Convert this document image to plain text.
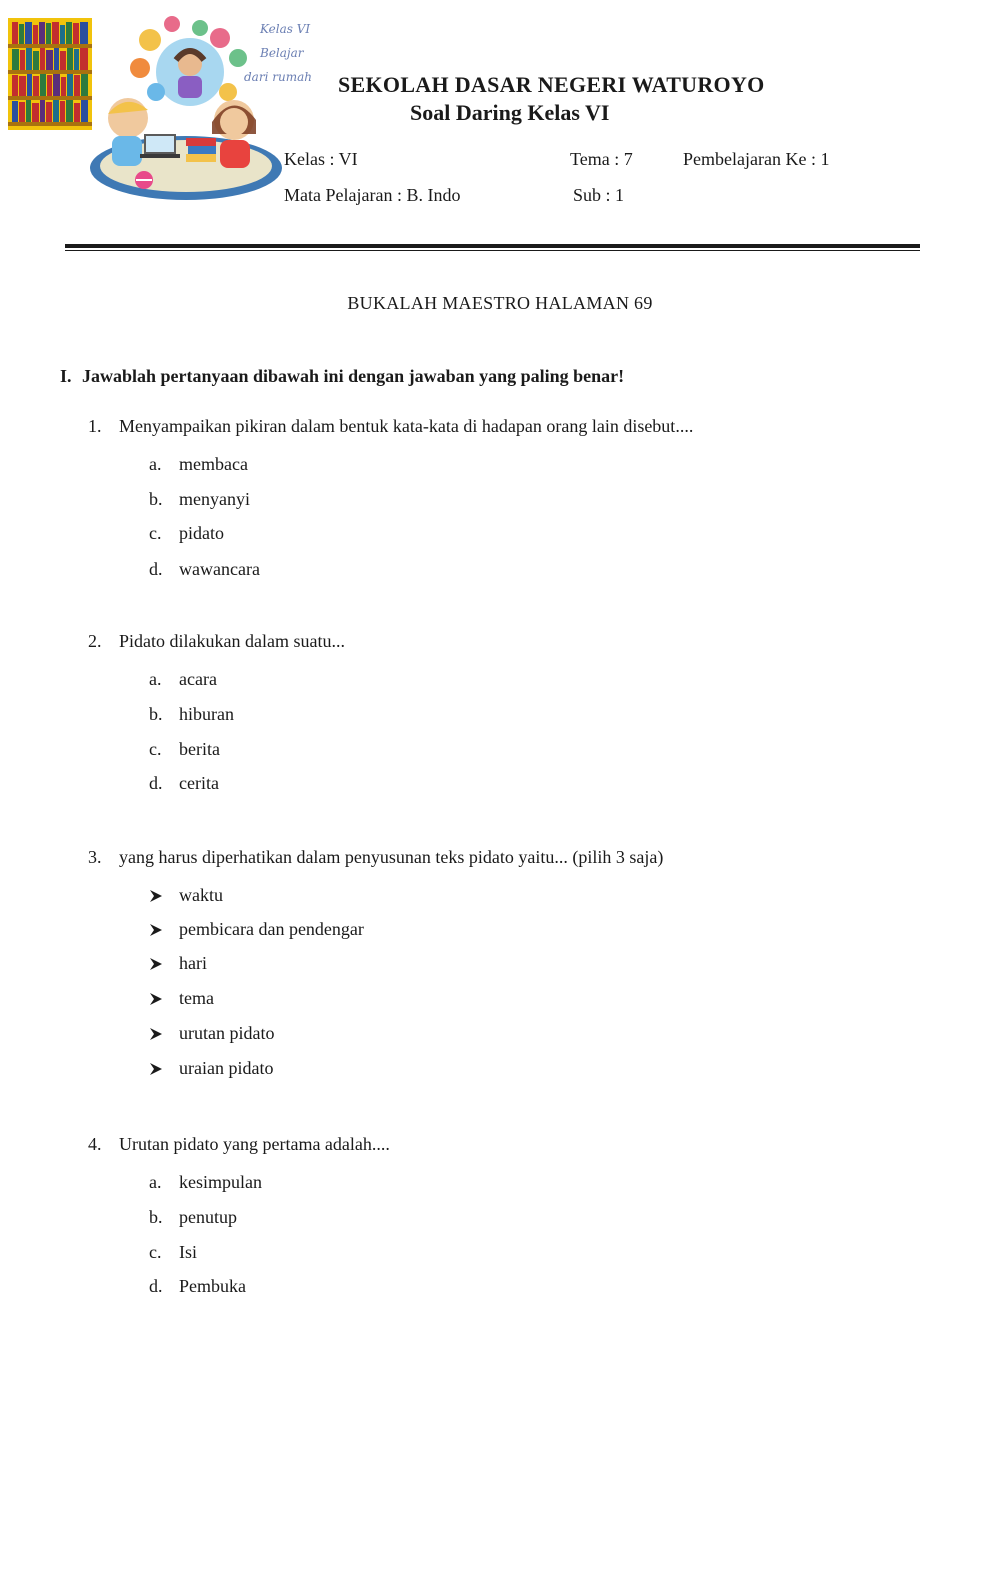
Kelas VI
Belajar
dari rumah SEKOLAH DASAR NEGERI WATUROYO
Soal Daring Kelas VI
Kelas : VI	Tema : 7	Pembelajaran Ke : 1
Mata Pelajaran : B. Indo	Sub : 1
BUKALAH MAESTRO HALAMAN 69
I. Jawablah pertanyaan dibawah ini dengan jawaban yang paling benar!
1. Menyampaikan pikiran dalam bentuk kata-kata di hadapan orang lain disebut....
a. membaca
b. menyanyi
c. pidato
d. wawancara
2. Pidato dilakukan dalam suatu...
a. acara
b. hiburan
c. berita
d. cerita
3. yang harus diperhatikan dalam penyusunan teks pidato yaitu... (pilih 3 saja)
waktu
pembicara dan pendengar
hari
tema
urutan pidato
uraian pidato
4. Urutan pidato yang pertama adalah....
a. kesimpulan
b. penutup
c. Isi
d. Pembuka
